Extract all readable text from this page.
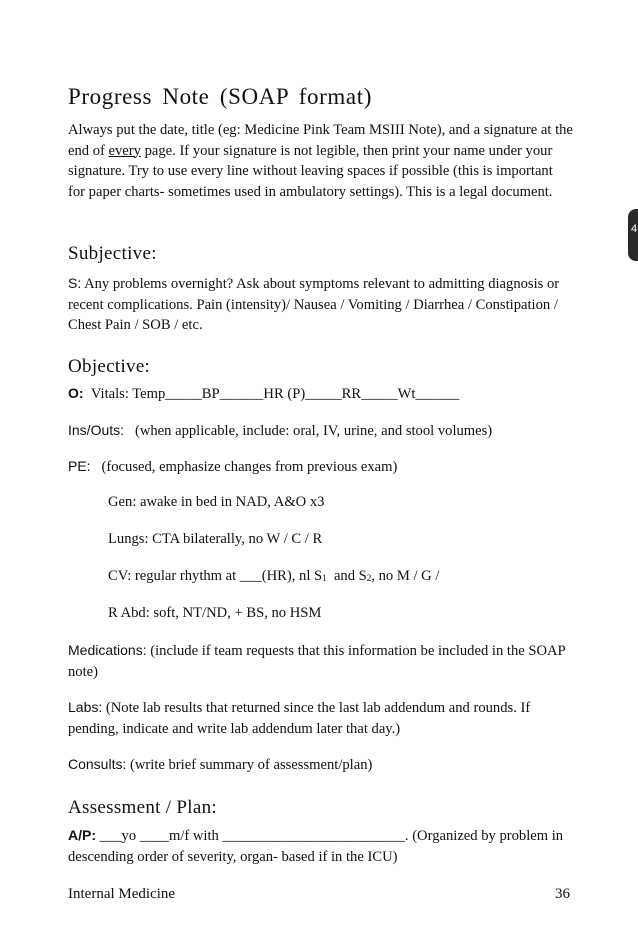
Progress Note (SOAP format)
Always put the date, title (eg: Medicine Pink Team MSIII Note), and a signature at the end of every page. If your signature is not legible, then print your name under your signature. Try to use every line without leaving spaces if possible (this is important for paper charts- sometimes used in ambulatory settings). This is a legal document.
Subjective:
S: Any problems overnight? Ask about symptoms relevant to admitting diagnosis or recent complications. Pain (intensity)/ Nausea / Vomiting / Diarrhea / Constipation / Chest Pain / SOB / etc.
Objective:
O: Vitals: Temp_____BP______HR (P)_____RR_____Wt______
Ins/Outs: (when applicable, include: oral, IV, urine, and stool volumes)
PE: (focused, emphasize changes from previous exam)
Gen: awake in bed in NAD, A&O x3
Lungs: CTA bilaterally, no W / C / R
CV: regular rhythm at ___(HR), nl S1  and S2, no M / G /
R Abd: soft, NT/ND, + BS, no HSM
Medications: (include if team requests that this information be included in the SOAP note)
Labs: (Note lab results that returned since the last lab addendum and rounds. If pending, indicate and write lab addendum later that day.)
Consults: (write brief summary of assessment/plan)
Assessment / Plan:
A/P: ___yo ____m/f with _________________________. (Organized by problem in descending order of severity, organ- based if in the ICU)
Internal Medicine	36
4
